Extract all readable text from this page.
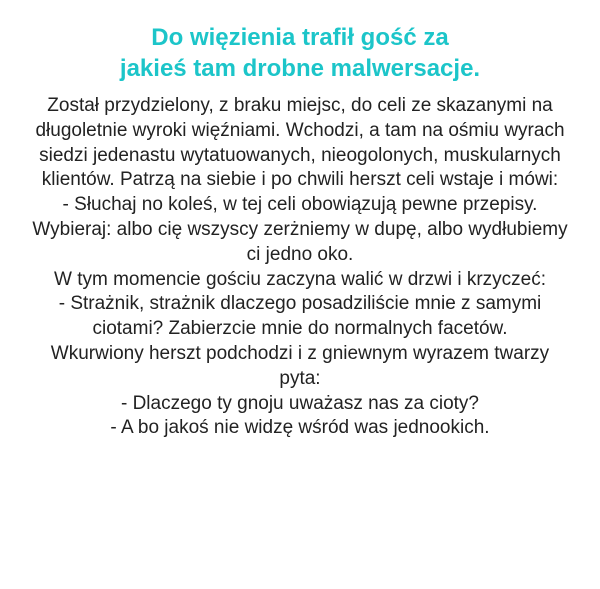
Do więzienia trafił gość za
jakieś tam drobne malwersacje.
Został przydzielony, z braku miejsc, do celi ze skazanymi na długoletnie wyroki więźniami. Wchodzi, a tam na ośmiu wyrach siedzi jedenastu wytatuowanych, nieogolonych, muskularnych klientów. Patrzą na siebie i po chwili herszt celi wstaje i mówi:
- Słuchaj no koleś, w tej celi obowiązują pewne przepisy. Wybieraj: albo cię wszyscy zerżniemy w dupę, albo wydłubiemy ci jedno oko.
W tym momencie gościu zaczyna walić w drzwi i krzyczeć:
- Strażnik, strażnik dlaczego posadziliście mnie z samymi ciotami? Zabierzcie mnie do normalnych facetów.
Wkurwiony herszt podchodzi i z gniewnym wyrazem twarzy pyta:
- Dlaczego ty gnoju uważasz nas za cioty?
- A bo jakoś nie widzę wśród was jednookich.
